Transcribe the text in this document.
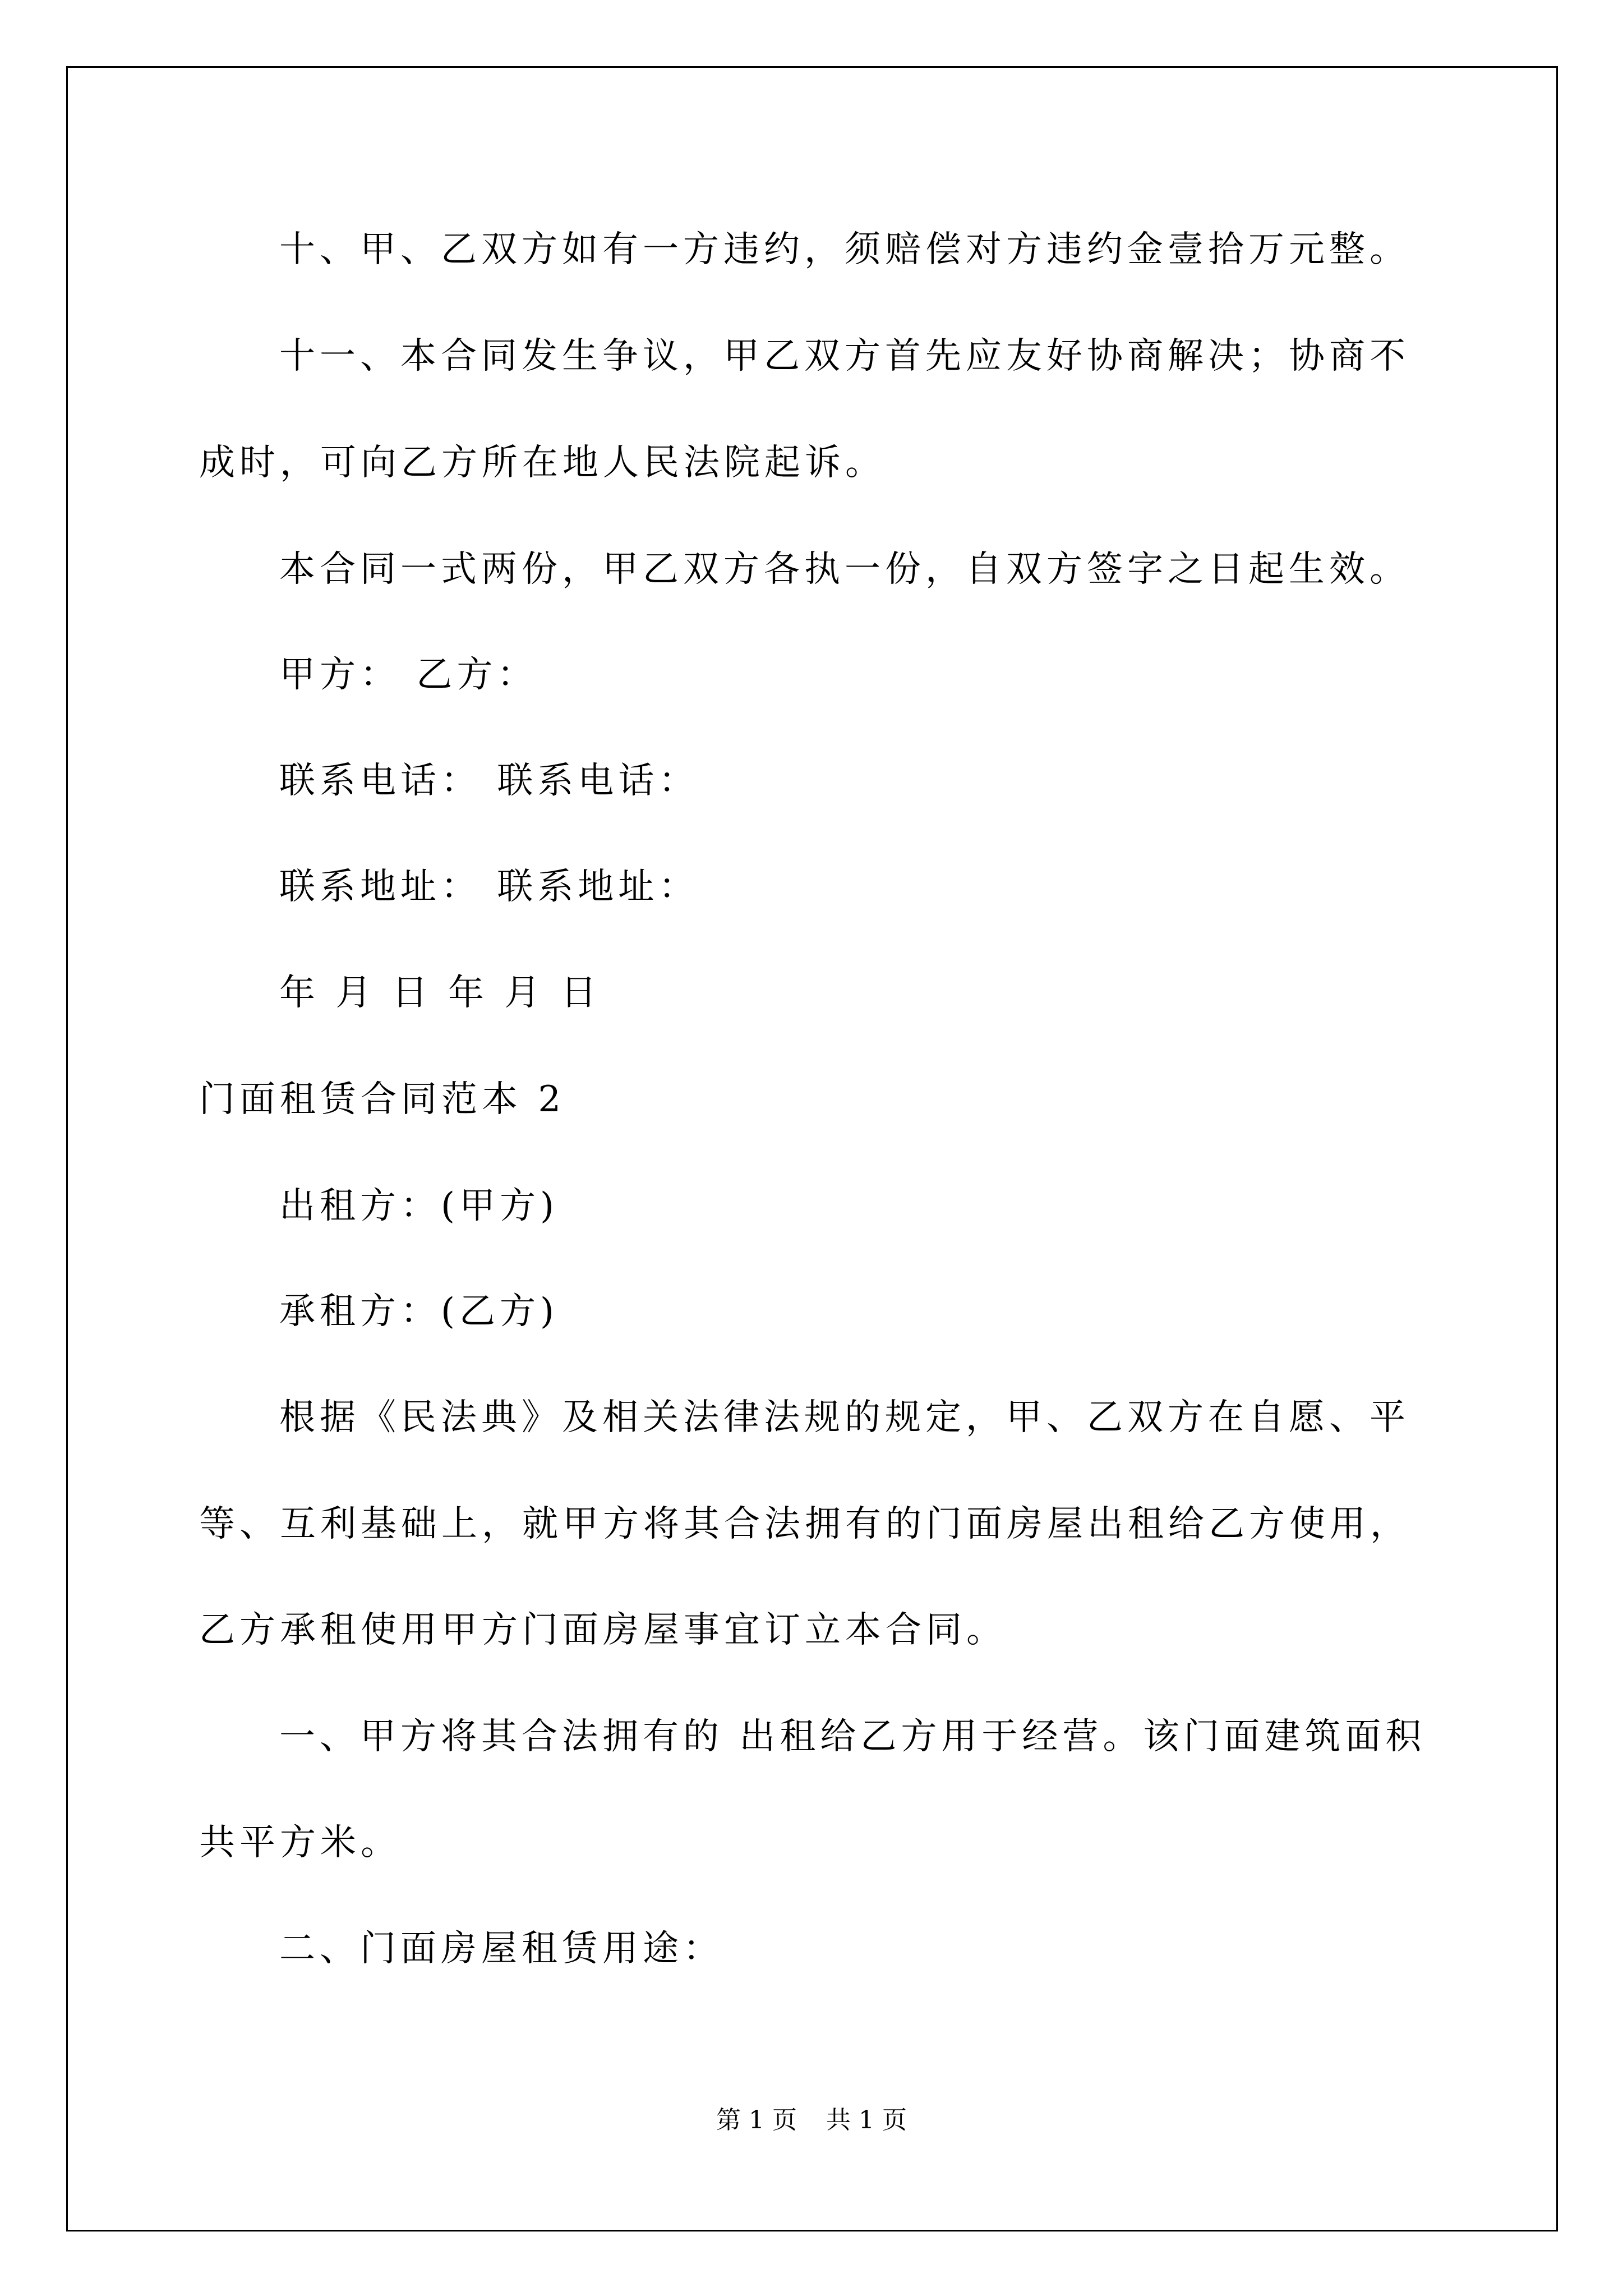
十、甲、乙双方如有一方违约，须赔偿对方违约金壹拾万元整。
十一、本合同发生争议，甲乙双方首先应友好协商解决；协商不
成时，可向乙方所在地人民法院起诉。
本合同一式两份，甲乙双方各执一份，自双方签字之日起生效。
甲方： 乙方：
联系电话： 联系电话：
联系地址： 联系地址：
年 月 日 年 月 日
门面租赁合同范本 2
出租方：(甲方)
承租方：(乙方)
根据《民法典》及相关法律法规的规定，甲、乙双方在自愿、平
等、互利基础上，就甲方将其合法拥有的门面房屋出租给乙方使用，
乙方承租使用甲方门面房屋事宜订立本合同。
一、甲方将其合法拥有的 出租给乙方用于经营。该门面建筑面积
共平方米。
二、门面房屋租赁用途：
第 1 页 共 1 页
